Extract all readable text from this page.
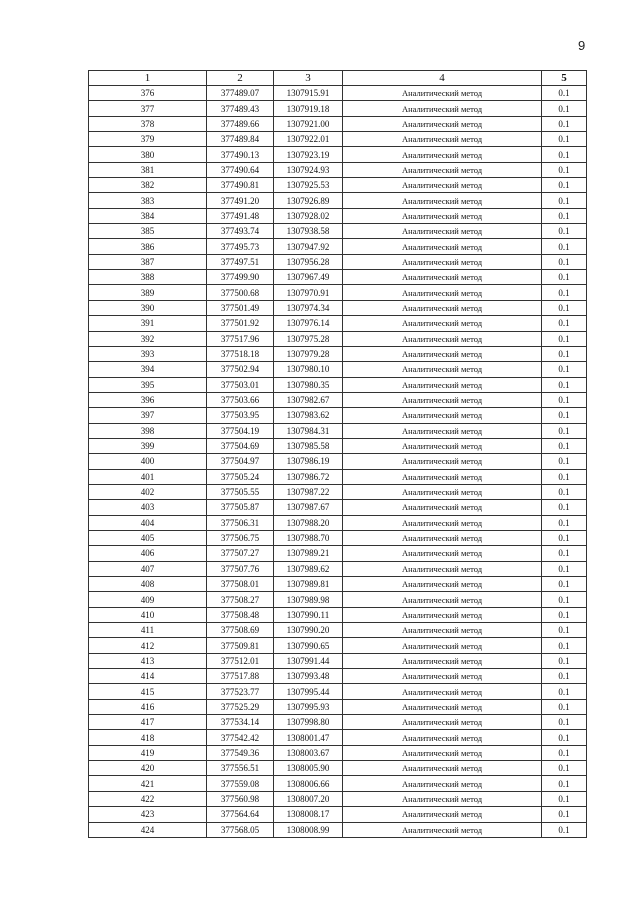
9
1	2	3	4	5
376	377489.07	1307915.91	Аналитический метод	0.1
377	377489.43	1307919.18	Аналитический метод	0.1
378	377489.66	1307921.00	Аналитический метод	0.1
379	377489.84	1307922.01	Аналитический метод	0.1
380	377490.13	1307923.19	Аналитический метод	0.1
381	377490.64	1307924.93	Аналитический метод	0.1
382	377490.81	1307925.53	Аналитический метод	0.1
383	377491.20	1307926.89	Аналитический метод	0.1
384	377491.48	1307928.02	Аналитический метод	0.1
385	377493.74	1307938.58	Аналитический метод	0.1
386	377495.73	1307947.92	Аналитический метод	0.1
387	377497.51	1307956.28	Аналитический метод	0.1
388	377499.90	1307967.49	Аналитический метод	0.1
389	377500.68	1307970.91	Аналитический метод	0.1
390	377501.49	1307974.34	Аналитический метод	0.1
391	377501.92	1307976.14	Аналитический метод	0.1
392	377517.96	1307975.28	Аналитический метод	0.1
393	377518.18	1307979.28	Аналитический метод	0.1
394	377502.94	1307980.10	Аналитический метод	0.1
395	377503.01	1307980.35	Аналитический метод	0.1
396	377503.66	1307982.67	Аналитический метод	0.1
397	377503.95	1307983.62	Аналитический метод	0.1
398	377504.19	1307984.31	Аналитический метод	0.1
399	377504.69	1307985.58	Аналитический метод	0.1
400	377504.97	1307986.19	Аналитический метод	0.1
401	377505.24	1307986.72	Аналитический метод	0.1
402	377505.55	1307987.22	Аналитический метод	0.1
403	377505.87	1307987.67	Аналитический метод	0.1
404	377506.31	1307988.20	Аналитический метод	0.1
405	377506.75	1307988.70	Аналитический метод	0.1
406	377507.27	1307989.21	Аналитический метод	0.1
407	377507.76	1307989.62	Аналитический метод	0.1
408	377508.01	1307989.81	Аналитический метод	0.1
409	377508.27	1307989.98	Аналитический метод	0.1
410	377508.48	1307990.11	Аналитический метод	0.1
411	377508.69	1307990.20	Аналитический метод	0.1
412	377509.81	1307990.65	Аналитический метод	0.1
413	377512.01	1307991.44	Аналитический метод	0.1
414	377517.88	1307993.48	Аналитический метод	0.1
415	377523.77	1307995.44	Аналитический метод	0.1
416	377525.29	1307995.93	Аналитический метод	0.1
417	377534.14	1307998.80	Аналитический метод	0.1
418	377542.42	1308001.47	Аналитический метод	0.1
419	377549.36	1308003.67	Аналитический метод	0.1
420	377556.51	1308005.90	Аналитический метод	0.1
421	377559.08	1308006.66	Аналитический метод	0.1
422	377560.98	1308007.20	Аналитический метод	0.1
423	377564.64	1308008.17	Аналитический метод	0.1
424	377568.05	1308008.99	Аналитический метод	0.1
